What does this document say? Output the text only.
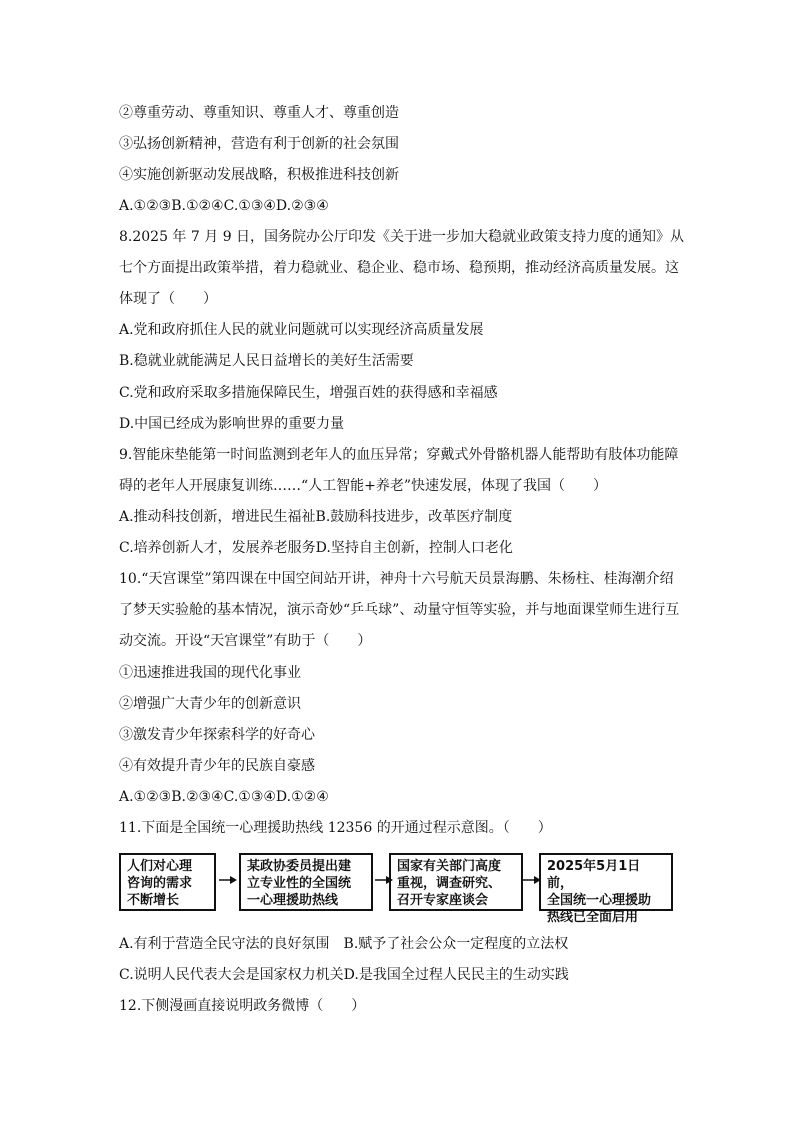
②尊重劳动、尊重知识、尊重人才、尊重创造
③弘扬创新精神，营造有利于创新的社会氛围
④实施创新驱动发展战略，积极推进科技创新
A.①②③B.①②④C.①③④D.②③④
8.2025 年 7 月 9 日，国务院办公厅印发《关于进一步加大稳就业政策支持力度的通知》从
七个方面提出政策举措，着力稳就业、稳企业、稳市场、稳预期，推动经济高质量发展。这
体现了（　　）
A.党和政府抓住人民的就业问题就可以实现经济高质量发展
B.稳就业就能满足人民日益增长的美好生活需要
C.党和政府采取多措施保障民生，增强百姓的获得感和幸福感
D.中国已经成为影响世界的重要力量
9.智能床垫能第一时间监测到老年人的血压异常；穿戴式外骨骼机器人能帮助有肢体功能障
碍的老年人开展康复训练……“人工智能+养老”快速发展，体现了我国（　　）
A.推动科技创新，增进民生福祉B.鼓励科技进步，改革医疗制度
C.培养创新人才，发展养老服务D.坚持自主创新，控制人口老化
10.“天宫课堂”第四课在中国空间站开讲，神舟十六号航天员景海鹏、朱杨柱、桂海潮介绍
了梦天实验舱的基本情况，演示奇妙“乒乓球”、动量守恒等实验，并与地面课堂师生进行互
动交流。开设“天宫课堂”有助于（　　）
①迅速推进我国的现代化事业
②增强广大青少年的创新意识
③激发青少年探索科学的好奇心
④有效提升青少年的民族自豪感
A.①②③B.②③④C.①③④D.①②④
11.下面是全国统一心理援助热线 12356 的开通过程示意图。（　　）
人们对心理
咨询的需求
不断增长
某政协委员提出建
立专业性的全国统
一心理援助热线
国家有关部门高度
重视，调查研究、
召开专家座谈会
2025年5月1日前，
全国统一心理援助
热线已全面启用
A.有利于营造全民守法的良好氛围　B.赋予了社会公众一定程度的立法权
C.说明人民代表大会是国家权力机关D.是我国全过程人民民主的生动实践
12.下侧漫画直接说明政务微博（　　）
